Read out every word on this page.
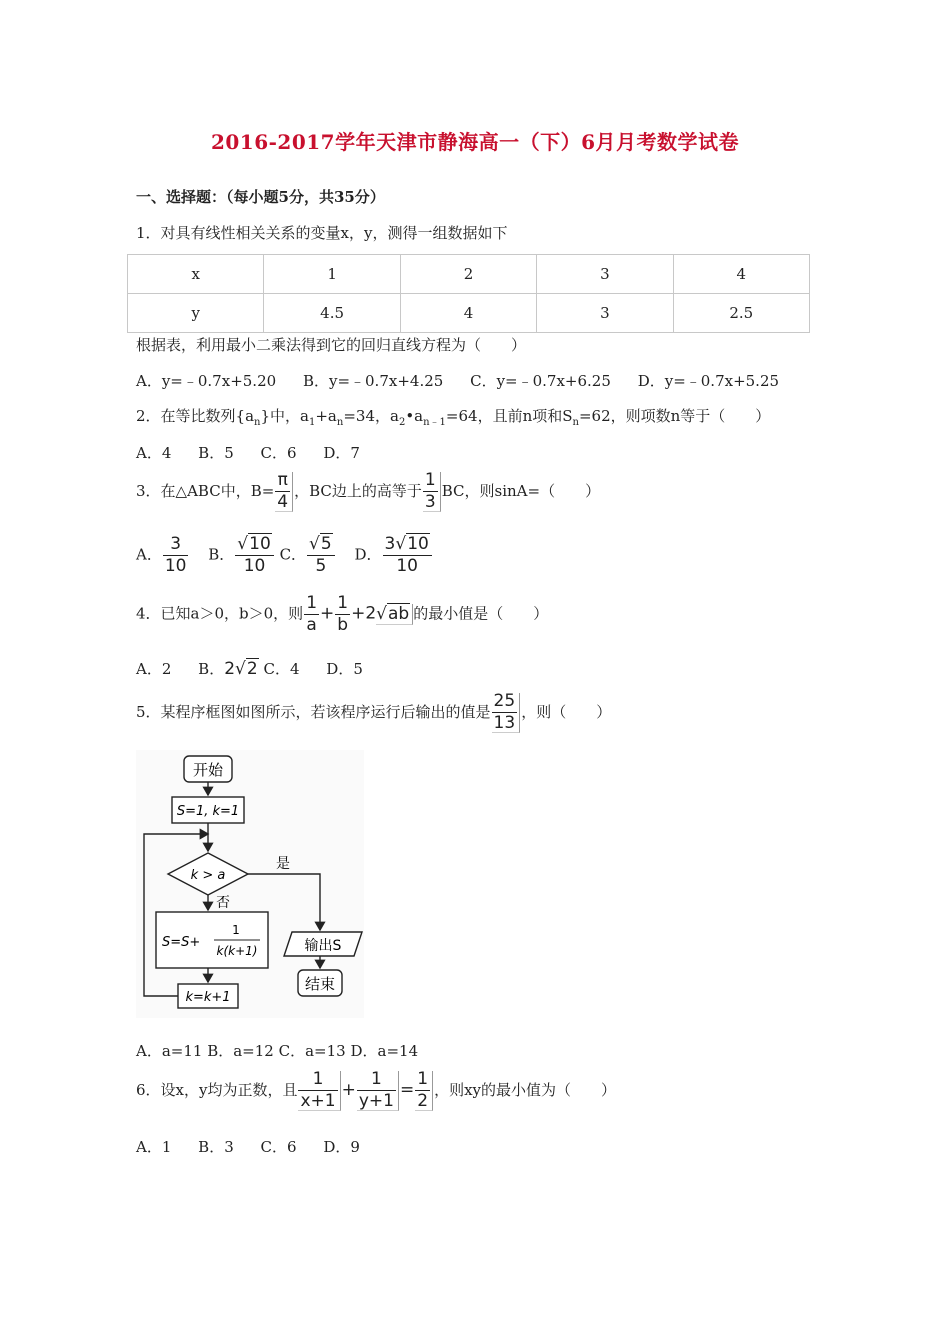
2016-2017学年天津市静海高一（下）6月月考数学试卷
一、选择题：（每小题5分，共35分）
1．对具有线性相关关系的变量x，y，测得一组数据如下
x	1	2	3	4
y	4.5	4	3	2.5
根据表，利用最小二乘法得到它的回归直线方程为（　　）
A．y=﹣0.7x+5.20 B．y=﹣0.7x+4.25 C．y=﹣0.7x+6.25 D．y=﹣0.7x+5.25
2．在等比数列$\{a_n\}$中，$a_1+a_n=34$，$a_2•a_{n﹣1}=64$，且前n项和$S_n=62$，则项数n等于（　　）
A．4 B．5 C．6 D．7
3．在△ABC中，$B= \frac{\pi}{4}$ ，BC边上的高等于 $\frac{1}{3}$ BC，则sinA=（　　）
A． $\frac{3}{10}$ B． $\frac{√10}{10}$ C． $\frac{√5}{5}$ D． $\frac{3√10}{10}$
4．已知a＞0，b＞0，则 $\frac{1}{a} + \frac{1}{b} +2√ab$ 的最小值是（　　）
A．2 B．2√2 C．4 D．5
5．某程序框图如图所示，若该程序运行后输出的值是 $\frac{25}{13}$ ，则（　　）
开始
S=1, k=1
k > a
是
否
S=S+
1
k(k+1)
k=k+1
输出S
结束
A．a=11 B．a=12 C．a=13 D．a=14
6．设x，y均为正数，且 $\frac{1}{x+1} + \frac{1}{y+1} = \frac{1}{2}$ ，则xy的最小值为（　　）
A．1 B．3 C．6 D．9
